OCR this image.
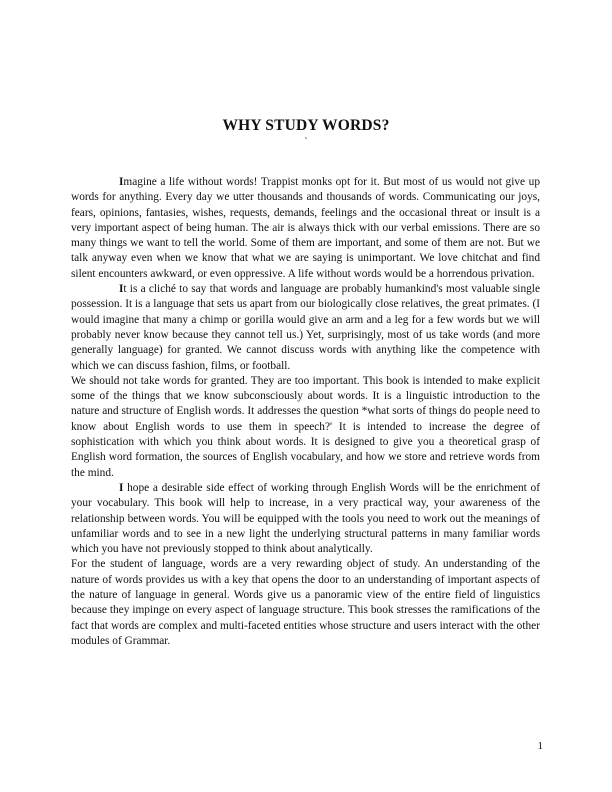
WHY STUDY WORDS?
`

Imagine a life without words! Trappist monks opt for it. But most of us would not give up words for anything. Every day we utter thousands and thousands of words. Communicating our joys, fears, opinions, fantasies, wishes, requests, demands, feelings and the occasional threat or insult is a very important aspect of being human. The air is always thick with our verbal emissions. There are so many things we want to tell the world. Some of them are important, and some of them are not. But we talk anyway even when we know that what we are saying is unimportant. We love chitchat and find silent encounters awkward, or even oppressive. A life without words would be a horrendous privation.

It is a cliché to say that words and language are probably humankind's most valuable single possession. It is a language that sets us apart from our biologically close relatives, the great primates. (I would imagine that many a chimp or gorilla would give an arm and a leg for a few words but we will probably never know because they cannot tell us.) Yet, surprisingly, most of us take words (and more generally language) for granted. We cannot discuss words with anything like the competence with which we can discuss fashion, films, or football.

We should not take words for granted. They are too important. This book is intended to make explicit some of the things that we know subconsciously about words. It is a linguistic introduction to the nature and structure of English words. It addresses the question *what sorts of things do people need to know about English words to use them in speech?' It is intended to increase the degree of sophistication with which you think about words. It is designed to give you a theoretical grasp of English word formation, the sources of English vocabulary, and how we store and retrieve words from the mind.

I hope a desirable side effect of working through English Words will be the enrichment of your vocabulary. This book will help to increase, in a very practical way, your awareness of the relationship between words. You will be equipped with the tools you need to work out the meanings of unfamiliar words and to see in a new light the underlying structural patterns in many familiar words which you have not previously stopped to think about analytically.

For the student of language, words are a very rewarding object of study. An understanding of the nature of words provides us with a key that opens the door to an understanding of important aspects of the nature of language in general. Words give us a panoramic view of the entire field of linguistics because they impinge on every aspect of language structure. This book stresses the ramifications of the fact that words are complex and multi-faceted entities whose structure and users interact with the other modules of Grammar.

1
